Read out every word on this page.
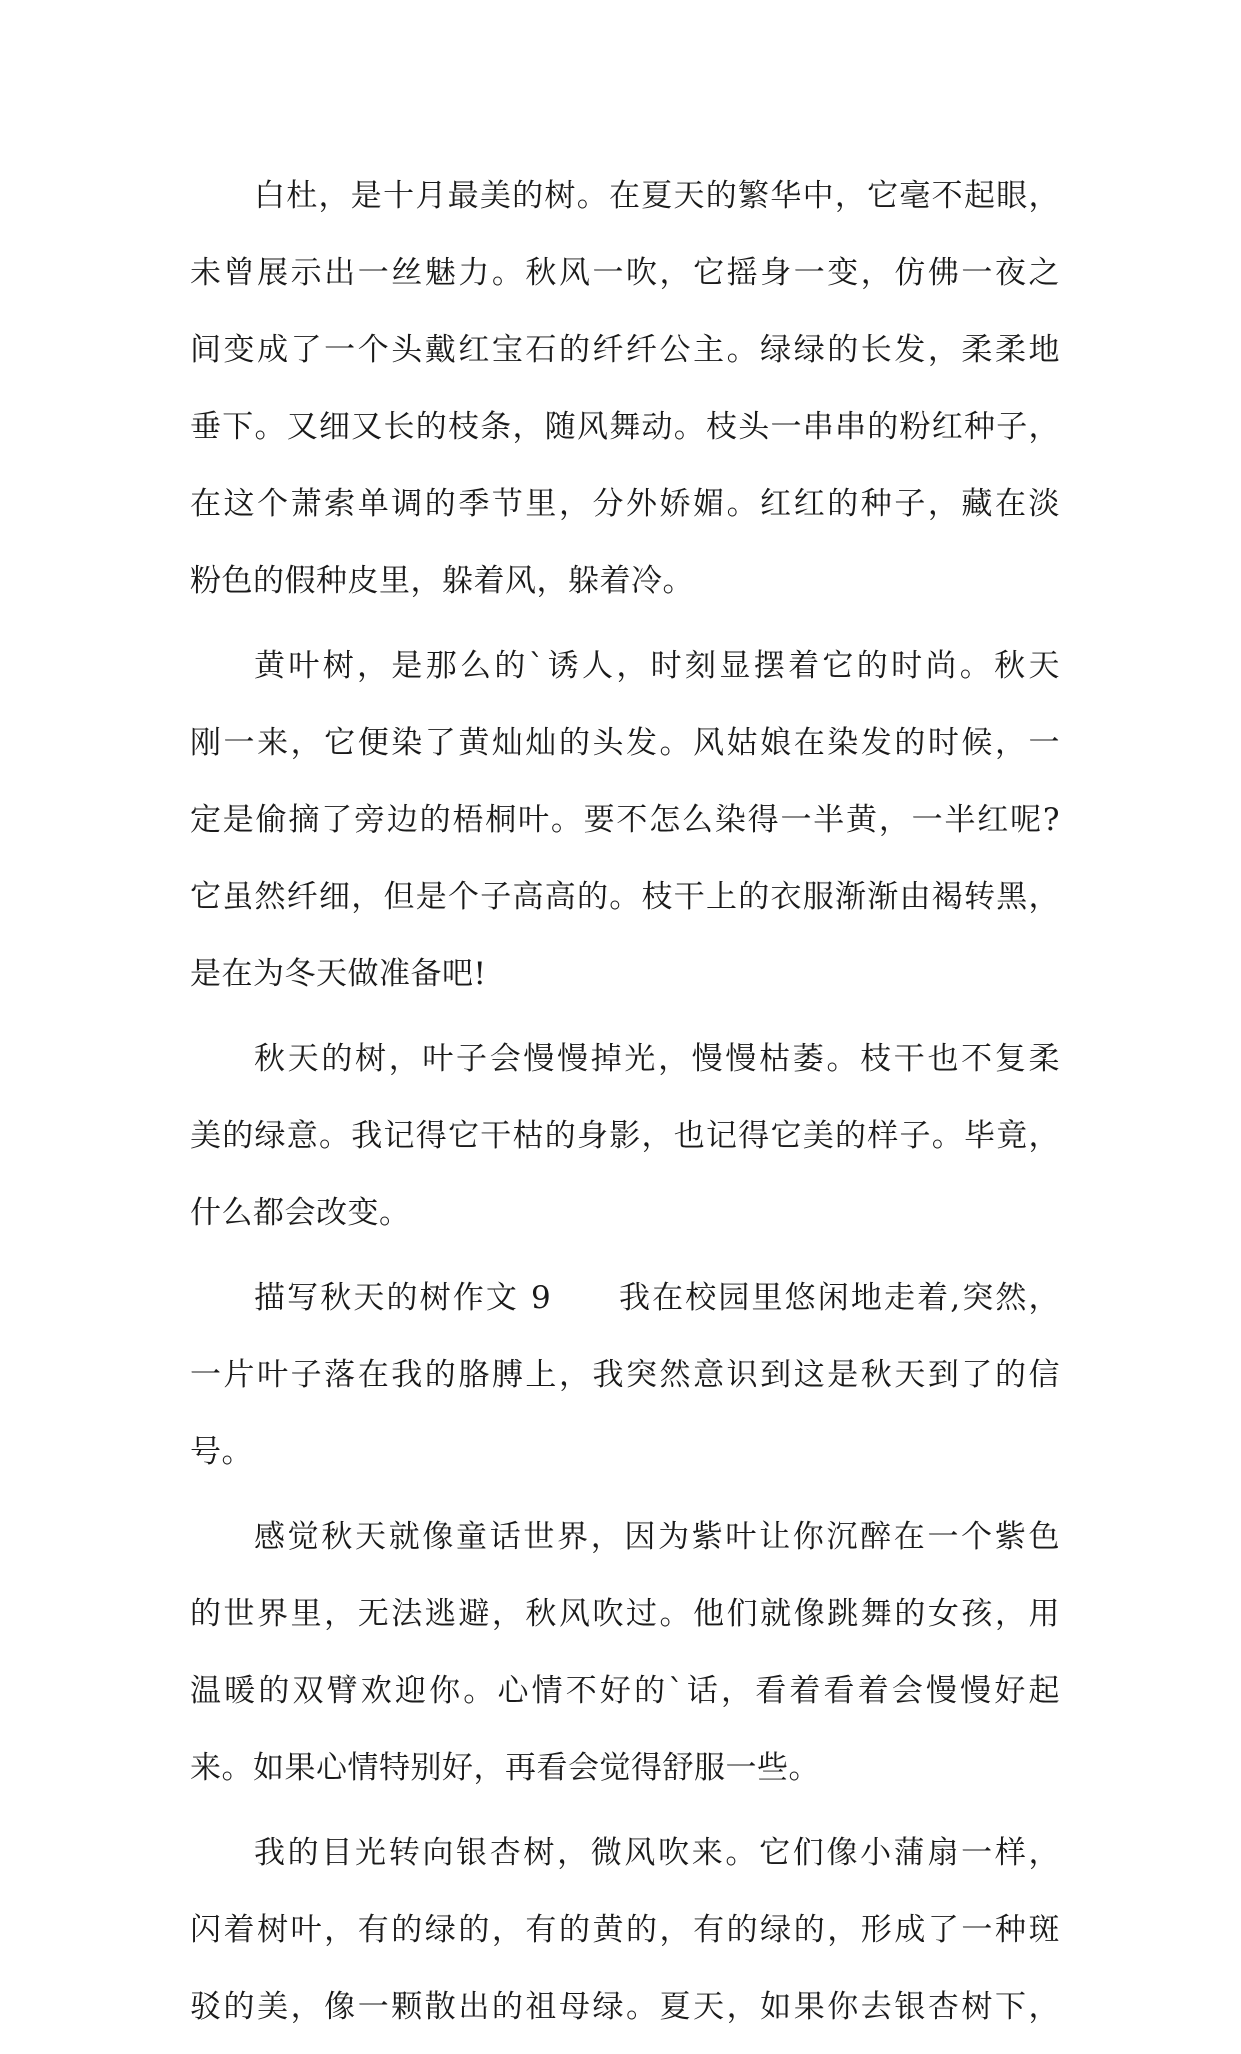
白杜，是十月最美的树。在夏天的繁华中，它毫不起眼，
未曾展示出一丝魅力。秋风一吹，它摇身一变，仿佛一夜之
间变成了一个头戴红宝石的纤纤公主。绿绿的长发，柔柔地
垂下。又细又长的枝条，随风舞动。枝头一串串的粉红种子，
在这个萧索单调的季节里，分外娇媚。红红的种子，藏在淡
粉色的假种皮里，躲着风，躲着冷。
黄叶树，是那么的`诱人，时刻显摆着它的时尚。秋天
刚一来，它便染了黄灿灿的头发。风姑娘在染发的时候，一
定是偷摘了旁边的梧桐叶。要不怎么染得一半黄，一半红呢?
它虽然纤细，但是个子高高的。枝干上的衣服渐渐由褐转黑，
是在为冬天做准备吧!
秋天的树，叶子会慢慢掉光，慢慢枯萎。枝干也不复柔
美的绿意。我记得它干枯的身影，也记得它美的样子。毕竟，
什么都会改变。
描写秋天的树作文 9　　我在校园里悠闲地走着,突然，
一片叶子落在我的胳膊上，我突然意识到这是秋天到了的信
号。
感觉秋天就像童话世界，因为紫叶让你沉醉在一个紫色
的世界里，无法逃避，秋风吹过。他们就像跳舞的女孩，用
温暖的双臂欢迎你。心情不好的`话，看着看着会慢慢好起
来。如果心情特别好，再看会觉得舒服一些。
我的目光转向银杏树，微风吹来。它们像小蒲扇一样，
闪着树叶，有的绿的，有的黄的，有的绿的，形成了一种斑
驳的美，像一颗散出的祖母绿。夏天，如果你去银杏树下，
